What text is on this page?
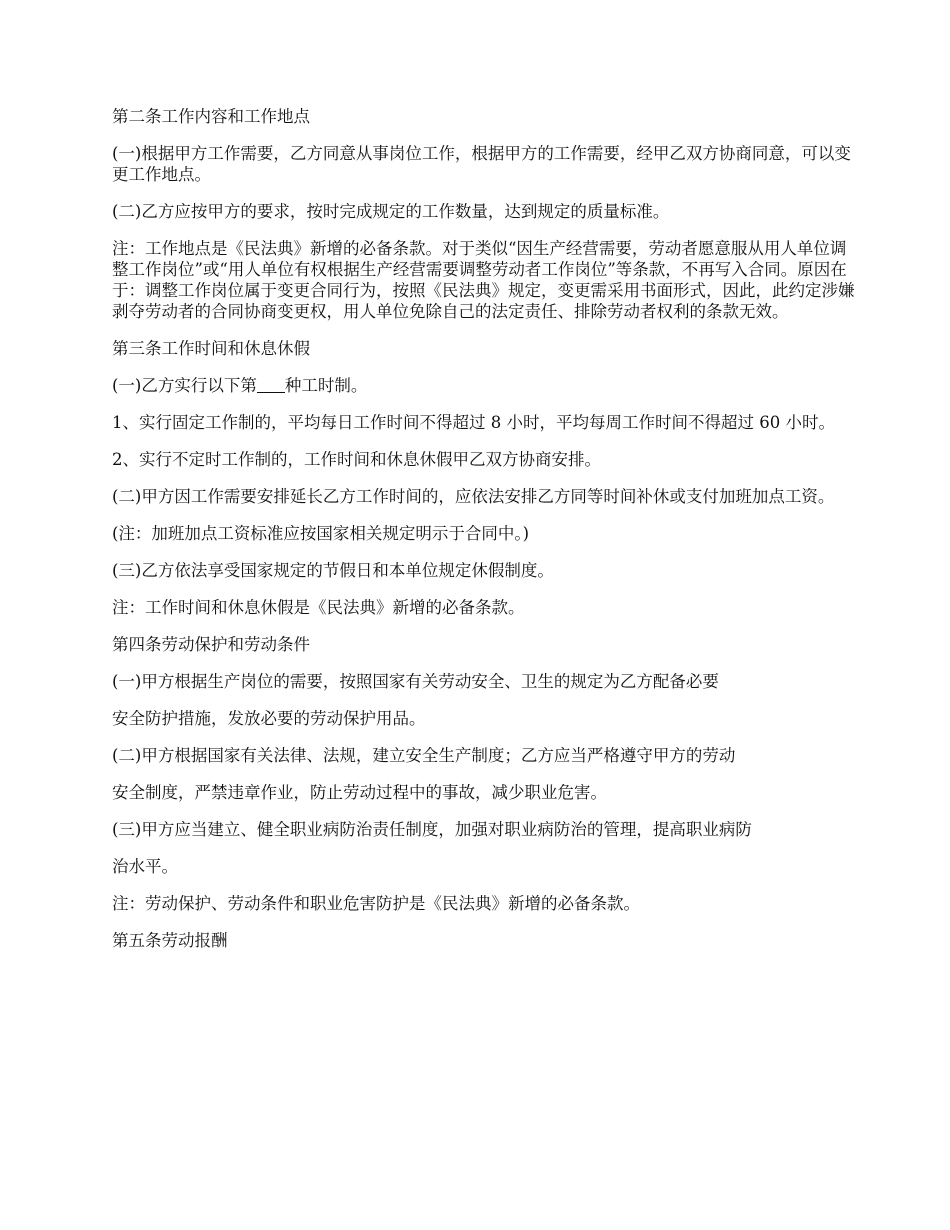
第二条工作内容和工作地点

(一)根据甲方工作需要，乙方同意从事岗位工作，根据甲方的工作需要，经甲乙双方协商同意，可以变更工作地点。

(二)乙方应按甲方的要求，按时完成规定的工作数量，达到规定的质量标准。

注：工作地点是《民法典》新增的必备条款。对于类似“因生产经营需要，劳动者愿意服从用人单位调整工作岗位”或“用人单位有权根据生产经营需要调整劳动者工作岗位”等条款，不再写入合同。原因在于：调整工作岗位属于变更合同行为，按照《民法典》规定，变更需采用书面形式，因此，此约定涉嫌剥夺劳动者的合同协商变更权，用人单位免除自己的法定责任、排除劳动者权利的条款无效。

第三条工作时间和休息休假

(一)乙方实行以下第 种工时制。

1、实行固定工作制的，平均每日工作时间不得超过 8 小时，平均每周工作时间不得超过 60 小时。

2、实行不定时工作制的，工作时间和休息休假甲乙双方协商安排。

(二)甲方因工作需要安排延长乙方工作时间的，应依法安排乙方同等时间补休或支付加班加点工资。

(注：加班加点工资标准应按国家相关规定明示于合同中。)

(三)乙方依法享受国家规定的节假日和本单位规定休假制度。

注：工作时间和休息休假是《民法典》新增的必备条款。

第四条劳动保护和劳动条件

(一)甲方根据生产岗位的需要，按照国家有关劳动安全、卫生的规定为乙方配备必要

安全防护措施，发放必要的劳动保护用品。

(二)甲方根据国家有关法律、法规，建立安全生产制度；乙方应当严格遵守甲方的劳动

安全制度，严禁违章作业，防止劳动过程中的事故，减少职业危害。

(三)甲方应当建立、健全职业病防治责任制度，加强对职业病防治的管理，提高职业病防

治水平。

注：劳动保护、劳动条件和职业危害防护是《民法典》新增的必备条款。

第五条劳动报酬
